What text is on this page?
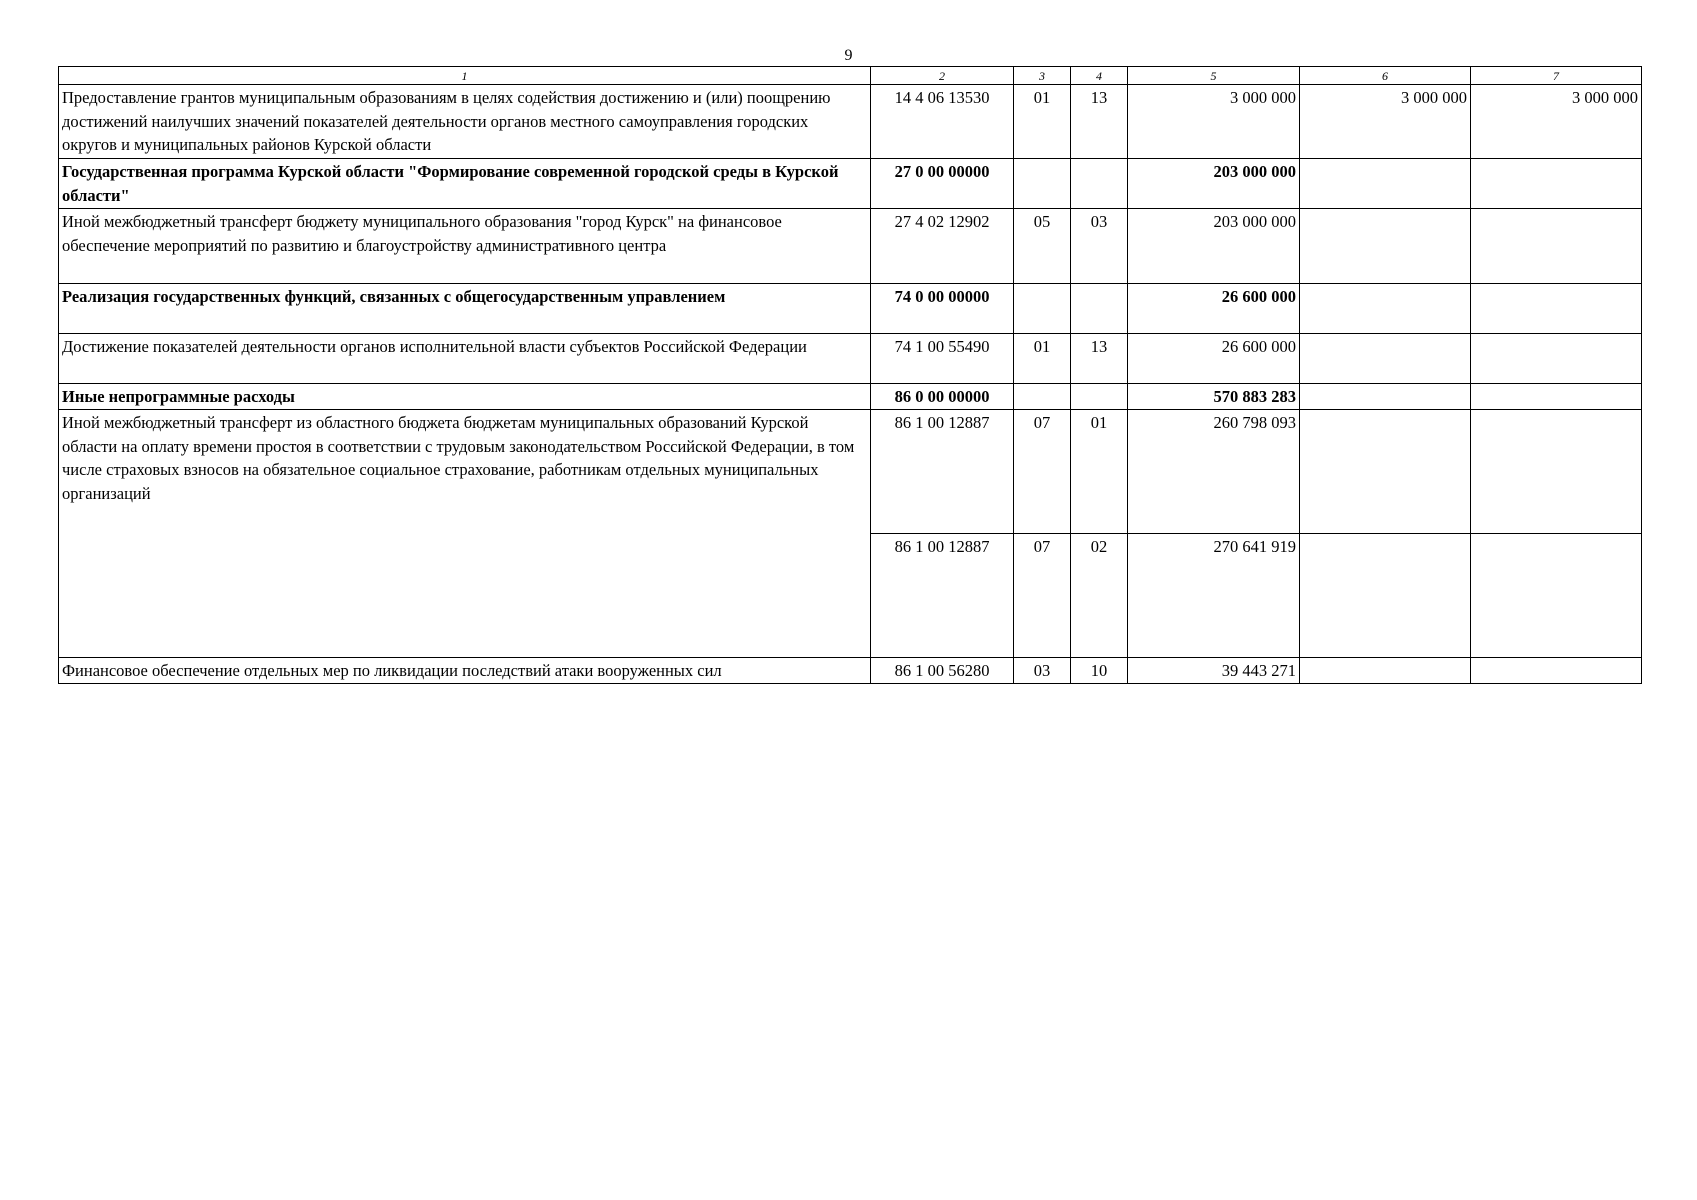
9
1	2	3	4	5	6	7
Предоставление грантов муниципальным образованиям в целях содействия достижению и (или) поощрению достижений наилучших значений показателей деятельности органов местного самоуправления городских округов и муниципальных районов Курской области	14 4 06 13530	01	13	3 000 000	3 000 000	3 000 000
Государственная программа Курской области "Формирование современной городской среды в Курской области"	27 0 00 00000			203 000 000		
Иной межбюджетный трансферт бюджету муниципального образования "город Курск" на финансовое обеспечение мероприятий по развитию и благоустройству административного центра	27 4 02 12902	05	03	203 000 000		
Реализация государственных функций, связанных с общегосударственным управлением	74 0 00 00000			26 600 000		
Достижение показателей деятельности органов исполнительной власти субъектов Российской Федерации	74 1 00 55490	01	13	26 600 000		
Иные непрограммные расходы	86 0 00 00000			570 883 283		
Иной межбюджетный трансферт из областного бюджета бюджетам муниципальных образований Курской области на оплату времени простоя в соответствии с трудовым законодательством Российской Федерации, в том числе страховых взносов на обязательное социальное страхование, работникам отдельных муниципальных организаций	86 1 00 12887	07	01	260 798 093		
	86 1 00 12887	07	02	270 641 919		
Финансовое обеспечение отдельных мер по ликвидации последствий атаки вооруженных сил	86 1 00 56280	03	10	39 443 271		
